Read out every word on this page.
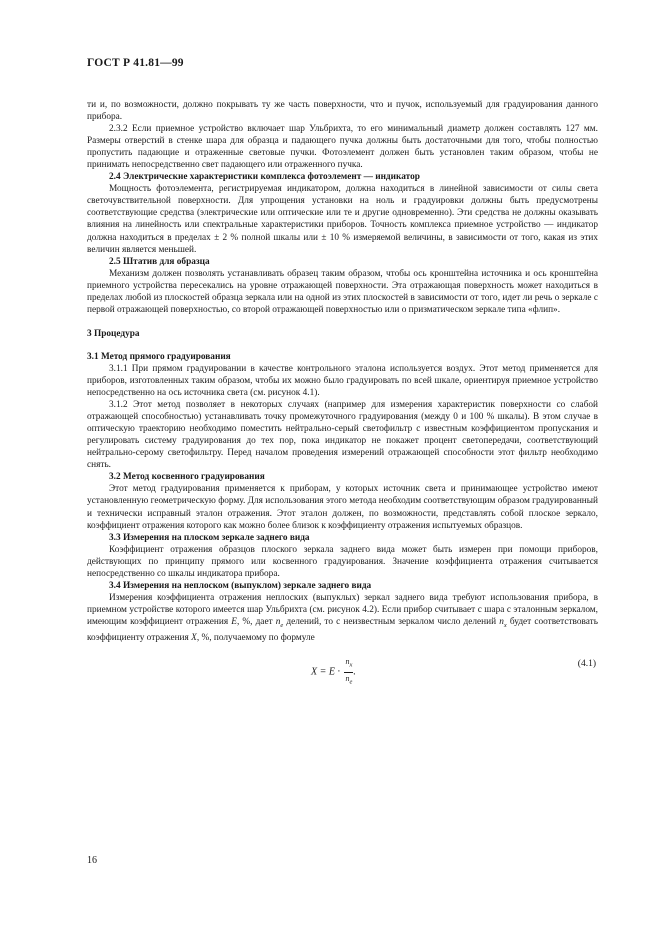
ГОСТ Р 41.81—99

ти и, по возможности, должно покрывать ту же часть поверхности, что и пучок, используемый для градуирования данного прибора.

2.3.2 Если приемное устройство включает шар Ульбрихта, то его минимальный диаметр должен составлять 127 мм. Размеры отверстий в стенке шара для образца и падающего пучка должны быть достаточными для того, чтобы полностью пропустить падающие и отраженные световые пучки. Фотоэлемент должен быть установлен таким образом, чтобы не принимать непосредственно свет падающего или отраженного пучка.

2.4 Электрические характеристики комплекса фотоэлемент — индикатор

Мощность фотоэлемента, регистрируемая индикатором, должна находиться в линейной зависимости от силы света светочувствительной поверхности. Для упрощения установки на ноль и градуировки должны быть предусмотрены соответствующие средства (электрические или оптические или те и другие одновременно). Эти средства не должны оказывать влияния на линейность или спектральные характеристики приборов. Точность комплекса приемное устройство — индикатор должна находиться в пределах ± 2 % полной шкалы или ± 10 % измеряемой величины, в зависимости от того, какая из этих величин является меньшей.

2.5 Штатив для образца

Механизм должен позволять устанавливать образец таким образом, чтобы ось кронштейна источника и ось кронштейна приемного устройства пересекались на уровне отражающей поверхности. Эта отражающая поверхность может находиться в пределах любой из плоскостей образца зеркала или на одной из этих плоскостей в зависимости от того, идет ли речь о зеркале с первой отражающей поверхностью, со второй отражающей поверхностью или о призматическом зеркале типа «флип».

3 Процедура

3.1 Метод прямого градуирования

3.1.1 При прямом градуировании в качестве контрольного эталона используется воздух. Этот метод применяется для приборов, изготовленных таким образом, чтобы их можно было градуировать по всей шкале, ориентируя приемное устройство непосредственно на ось источника света (см. рисунок 4.1).

3.1.2 Этот метод позволяет в некоторых случаях (например для измерения характеристик поверхности со слабой отражающей способностью) устанавливать точку промежуточного градуирования (между 0 и 100 % шкалы). В этом случае в оптическую траекторию необходимо поместить нейтрально-серый светофильтр с известным коэффициентом пропускания и регулировать систему градуирования до тех пор, пока индикатор не покажет процент светопередачи, соответствующий нейтрально-серому светофильтру. Перед началом проведения измерений отражающей способности этот фильтр необходимо снять.

3.2 Метод косвенного градуирования

Этот метод градуирования применяется к приборам, у которых источник света и принимающее устройство имеют установленную геометрическую форму. Для использования этого метода необходим соответствующим образом градуированный и технически исправный эталон отражения. Этот эталон должен, по возможности, представлять собой плоское зеркало, коэффициент отражения которого как можно более близок к коэффициенту отражения испытуемых образцов.

3.3 Измерения на плоском зеркале заднего вида

Коэффициент отражения образцов плоского зеркала заднего вида может быть измерен при помощи приборов, действующих по принципу прямого или косвенного градуирования. Значение коэффициента отражения считывается непосредственно со шкалы индикатора прибора.

3.4 Измерения на неплоском (выпуклом) зеркале заднего вида

Измерения коэффициента отражения неплоских (выпуклых) зеркал заднего вида требуют использования прибора, в приемном устройстве которого имеется шар Ульбрихта (см. рисунок 4.2). Если прибор считывает с шара с эталонным зеркалом, имеющим коэффициент отражения E, %, дает $n_e$ делений, то с неизвестным зеркалом число делений $n_x$ будет соответствовать коэффициенту отражения X, %, получаемому по формуле

$X = E \cdot \frac{n_x}{n_e}$ .
(4.1)
16
